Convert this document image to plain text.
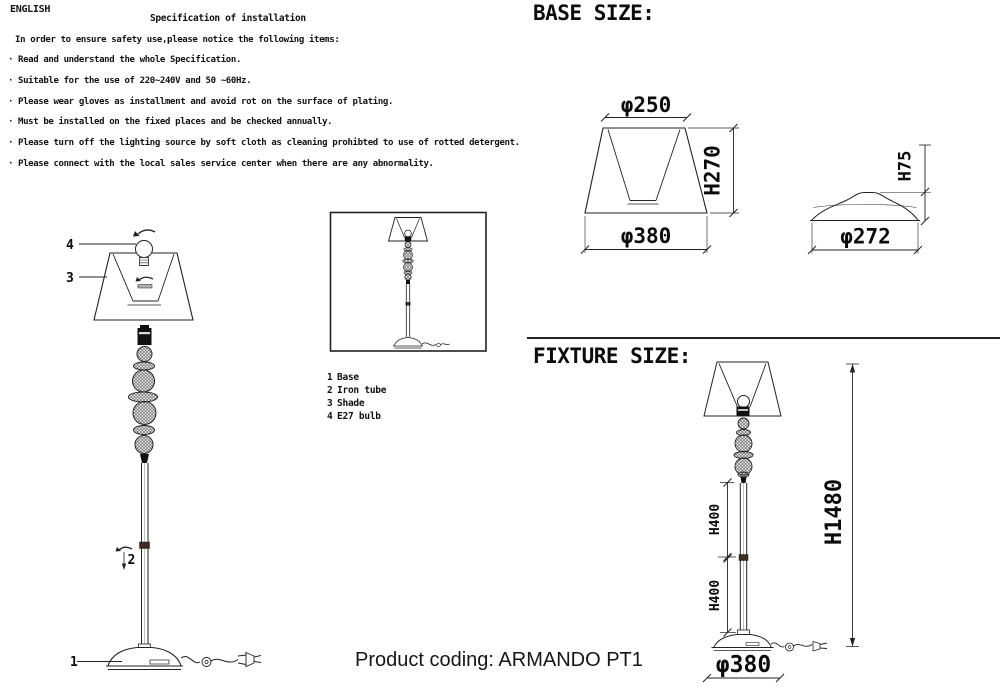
ENGLISH
Specification of installation
In order to ensure safety use,please notice the following items:
·Read and understand the whole Specification.
·Suitable for the use of 220~240V and 50 ~60Hz.
·Please wear gloves as installment and avoid rot on the surface of plating.
·Must be installed on the fixed places and be checked annually.
·Please turn off the lighting source by soft cloth as cleaning prohibted to use of rotted detergent.
·Please connect with the local sales service center when there are any abnormality.
4
3
2
1
1 Base
2 Iron tube
3 Shade
4 E27 bulb
BASE SIZE:
φ250
H270
φ380
H75
φ272
FIXTURE SIZE:
H400
H400
H1480
φ380
Product coding: ARMANDO PT1
